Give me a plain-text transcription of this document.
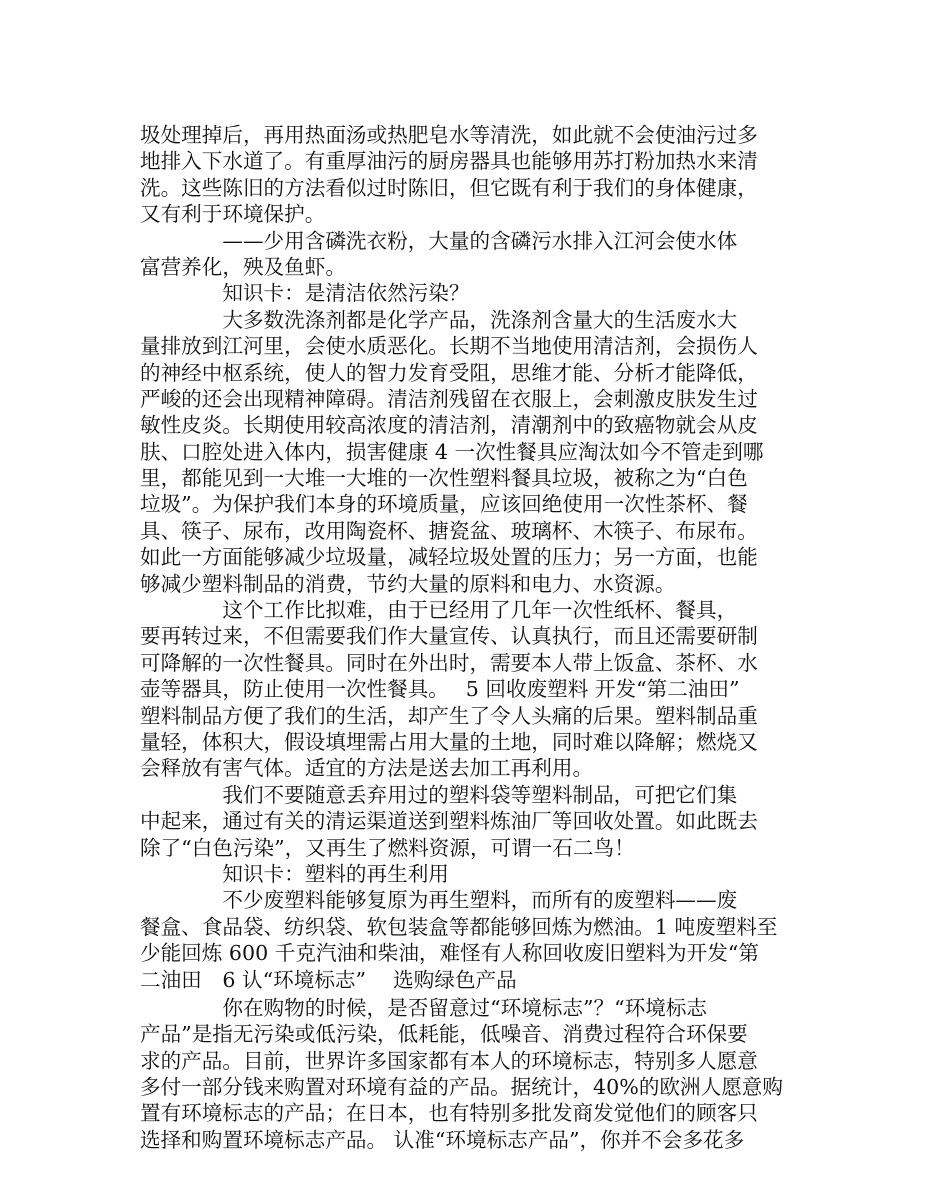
圾处理掉后，再用热面汤或热肥皂水等清洗，如此就不会使油污过多
地排入下水道了。有重厚油污的厨房器具也能够用苏打粉加热水来清
洗。这些陈旧的方法看似过时陈旧，但它既有利于我们的身体健康，
又有利于环境保护。
　　　　——少用含磷洗衣粉，大量的含磷污水排入江河会使水体
富营养化，殃及鱼虾。
　　　　知识卡：是清洁依然污染？
　　　　大多数洗涤剂都是化学产品，洗涤剂含量大的生活废水大
量排放到江河里，会使水质恶化。长期不当地使用清洁剂，会损伤人
的神经中枢系统，使人的智力发育受阻，思维才能、分析才能降低，
严峻的还会出现精神障碍。清洁剂残留在衣服上，会刺激皮肤发生过
敏性皮炎。长期使用较高浓度的清洁剂，清潮剂中的致癌物就会从皮
肤、口腔处进入体内，损害健康 4 一次性餐具应淘汰如今不管走到哪
里，都能见到一大堆一大堆的一次性塑料餐具垃圾，被称之为“白色
垃圾”。为保护我们本身的环境质量，应该回绝使用一次性茶杯、餐
具、筷子、尿布，改用陶瓷杯、搪瓷盆、玻璃杯、木筷子、布尿布。
如此一方面能够减少垃圾量，减轻垃圾处置的压力；另一方面，也能
够减少塑料制品的消费，节约大量的原料和电力、水资源。
　　　　这个工作比拟难，由于已经用了几年一次性纸杯、餐具，
要再转过来，不但需要我们作大量宣传、认真执行，而且还需要研制
可降解的一次性餐具。同时在外出时，需要本人带上饭盒、茶杯、水
壶等器具，防止使用一次性餐具。　 5 回收废塑料 开发“第二油田”
塑料制品方便了我们的生活，却产生了令人头痛的后果。塑料制品重
量轻，体积大，假设填埋需占用大量的土地，同时难以降解；燃烧又
会释放有害气体。适宜的方法是送去加工再利用。
　　　　我们不要随意丢弃用过的塑料袋等塑料制品，可把它们集
中起来，通过有关的清运渠道送到塑料炼油厂等回收处置。如此既去
除了“白色污染”，又再生了燃料资源，可谓一石二鸟！
　　　　知识卡：塑料的再生利用
　　　　不少废塑料能够复原为再生塑料，而所有的废塑料——废
餐盒、食品袋、纺织袋、软包装盒等都能够回炼为燃油。1 吨废塑料至
少能回炼 600 千克汽油和柴油，难怪有人称回收废旧塑料为开发“第
二油田　6 认“环境标志”　 选购绿色产品
　　　　你在购物的时候，是否留意过“环境标志”？“环境标志
产品”是指无污染或低污染，低耗能，低噪音、消费过程符合环保要
求的产品。目前，世界许多国家都有本人的环境标志，特别多人愿意
多付一部分钱来购置对环境有益的产品。据统计，40%的欧洲人愿意购
置有环境标志的产品；在日本，也有特别多批发商发觉他们的顾客只
选择和购置环境标志产品。 认准“环境标志产品”，你并不会多花多
